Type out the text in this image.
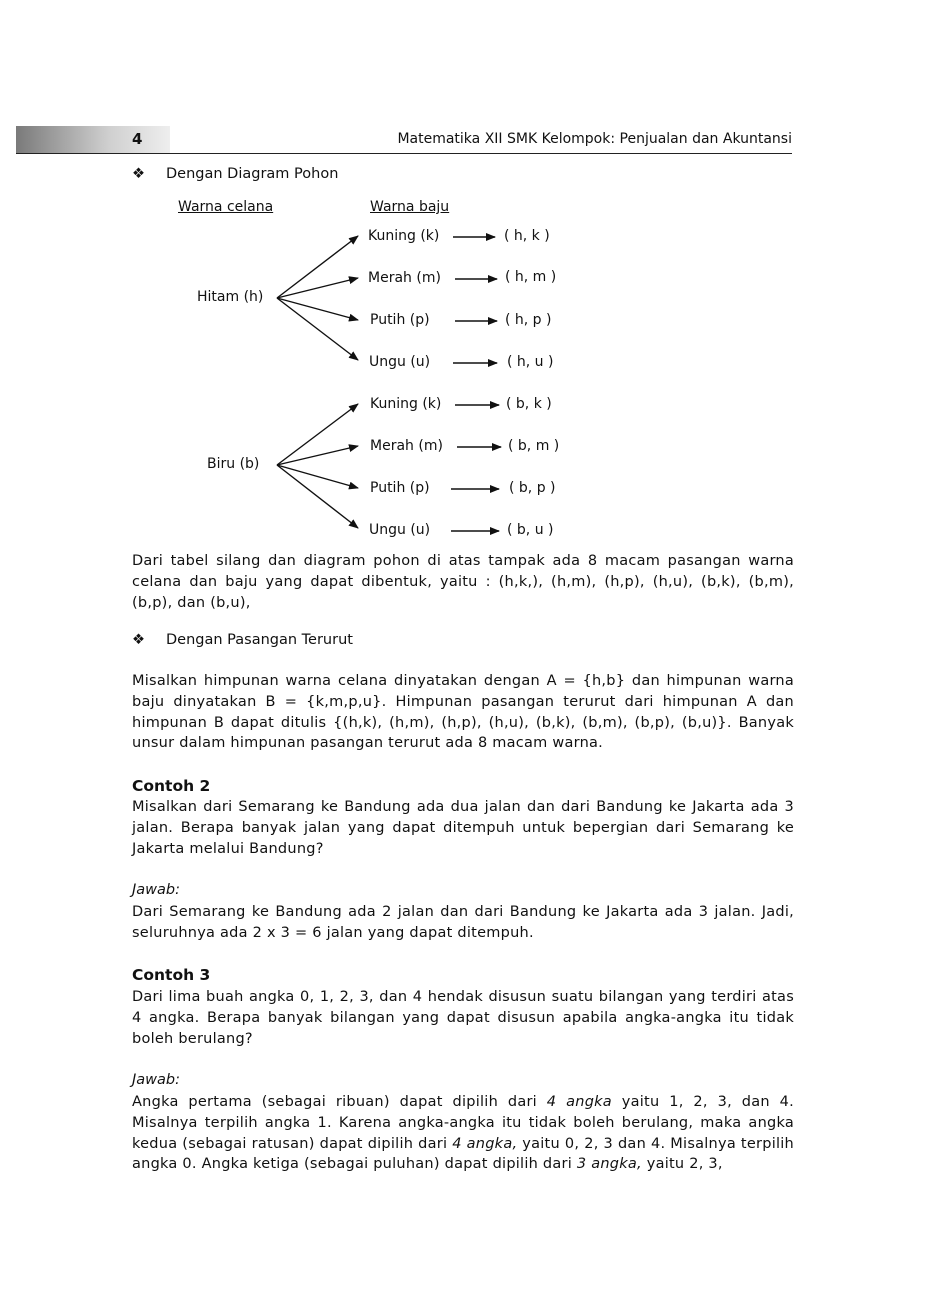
4	Matematika XII SMK Kelompok: Penjualan dan Akuntansi
❖ Dengan Diagram Pohon
Warna celana	Warna baju
Hitam (h)
Kuning (k)	( h, k )
Merah (m)	( h, m )
Putih (p)	( h, p )
Ungu (u)	( h, u )
Biru (b)
Kuning (k)	( b, k )
Merah (m)	( b, m )
Putih (p)	( b, p )
Ungu (u)	( b, u )
Dari tabel silang dan diagram pohon di atas tampak ada 8 macam pasangan warna celana dan baju yang dapat dibentuk, yaitu : (h,k,), (h,m), (h,p), (h,u), (b,k), (b,m), (b,p), dan (b,u),
❖ Dengan Pasangan Terurut
Misalkan himpunan warna celana dinyatakan dengan A = {h,b} dan himpunan warna baju dinyatakan B = {k,m,p,u}. Himpunan pasangan terurut dari himpunan A dan himpunan B dapat ditulis {(h,k), (h,m), (h,p), (h,u), (b,k), (b,m), (b,p), (b,u)}. Banyak unsur dalam himpunan pasangan terurut ada 8 macam warna.
Contoh 2
Misalkan dari Semarang ke Bandung ada dua jalan dan dari Bandung ke Jakarta ada 3 jalan. Berapa banyak jalan yang dapat ditempuh untuk bepergian dari Semarang ke Jakarta melalui Bandung?
Jawab:
Dari Semarang ke Bandung ada 2 jalan dan dari Bandung ke Jakarta ada 3 jalan. Jadi, seluruhnya ada 2 x 3 = 6 jalan yang dapat ditempuh.
Contoh 3
Dari lima buah angka 0, 1, 2, 3, dan 4 hendak disusun suatu bilangan yang terdiri atas 4 angka. Berapa banyak bilangan yang dapat disusun apabila angka-angka itu tidak boleh berulang?
Jawab:
Angka pertama (sebagai ribuan) dapat dipilih dari 4 angka yaitu 1, 2, 3, dan 4. Misalnya terpilih angka 1. Karena angka-angka itu tidak boleh berulang, maka angka kedua (sebagai ratusan) dapat dipilih dari 4 angka, yaitu 0, 2, 3 dan 4. Misalnya terpilih angka 0. Angka ketiga (sebagai puluhan) dapat dipilih dari 3 angka, yaitu 2, 3,
